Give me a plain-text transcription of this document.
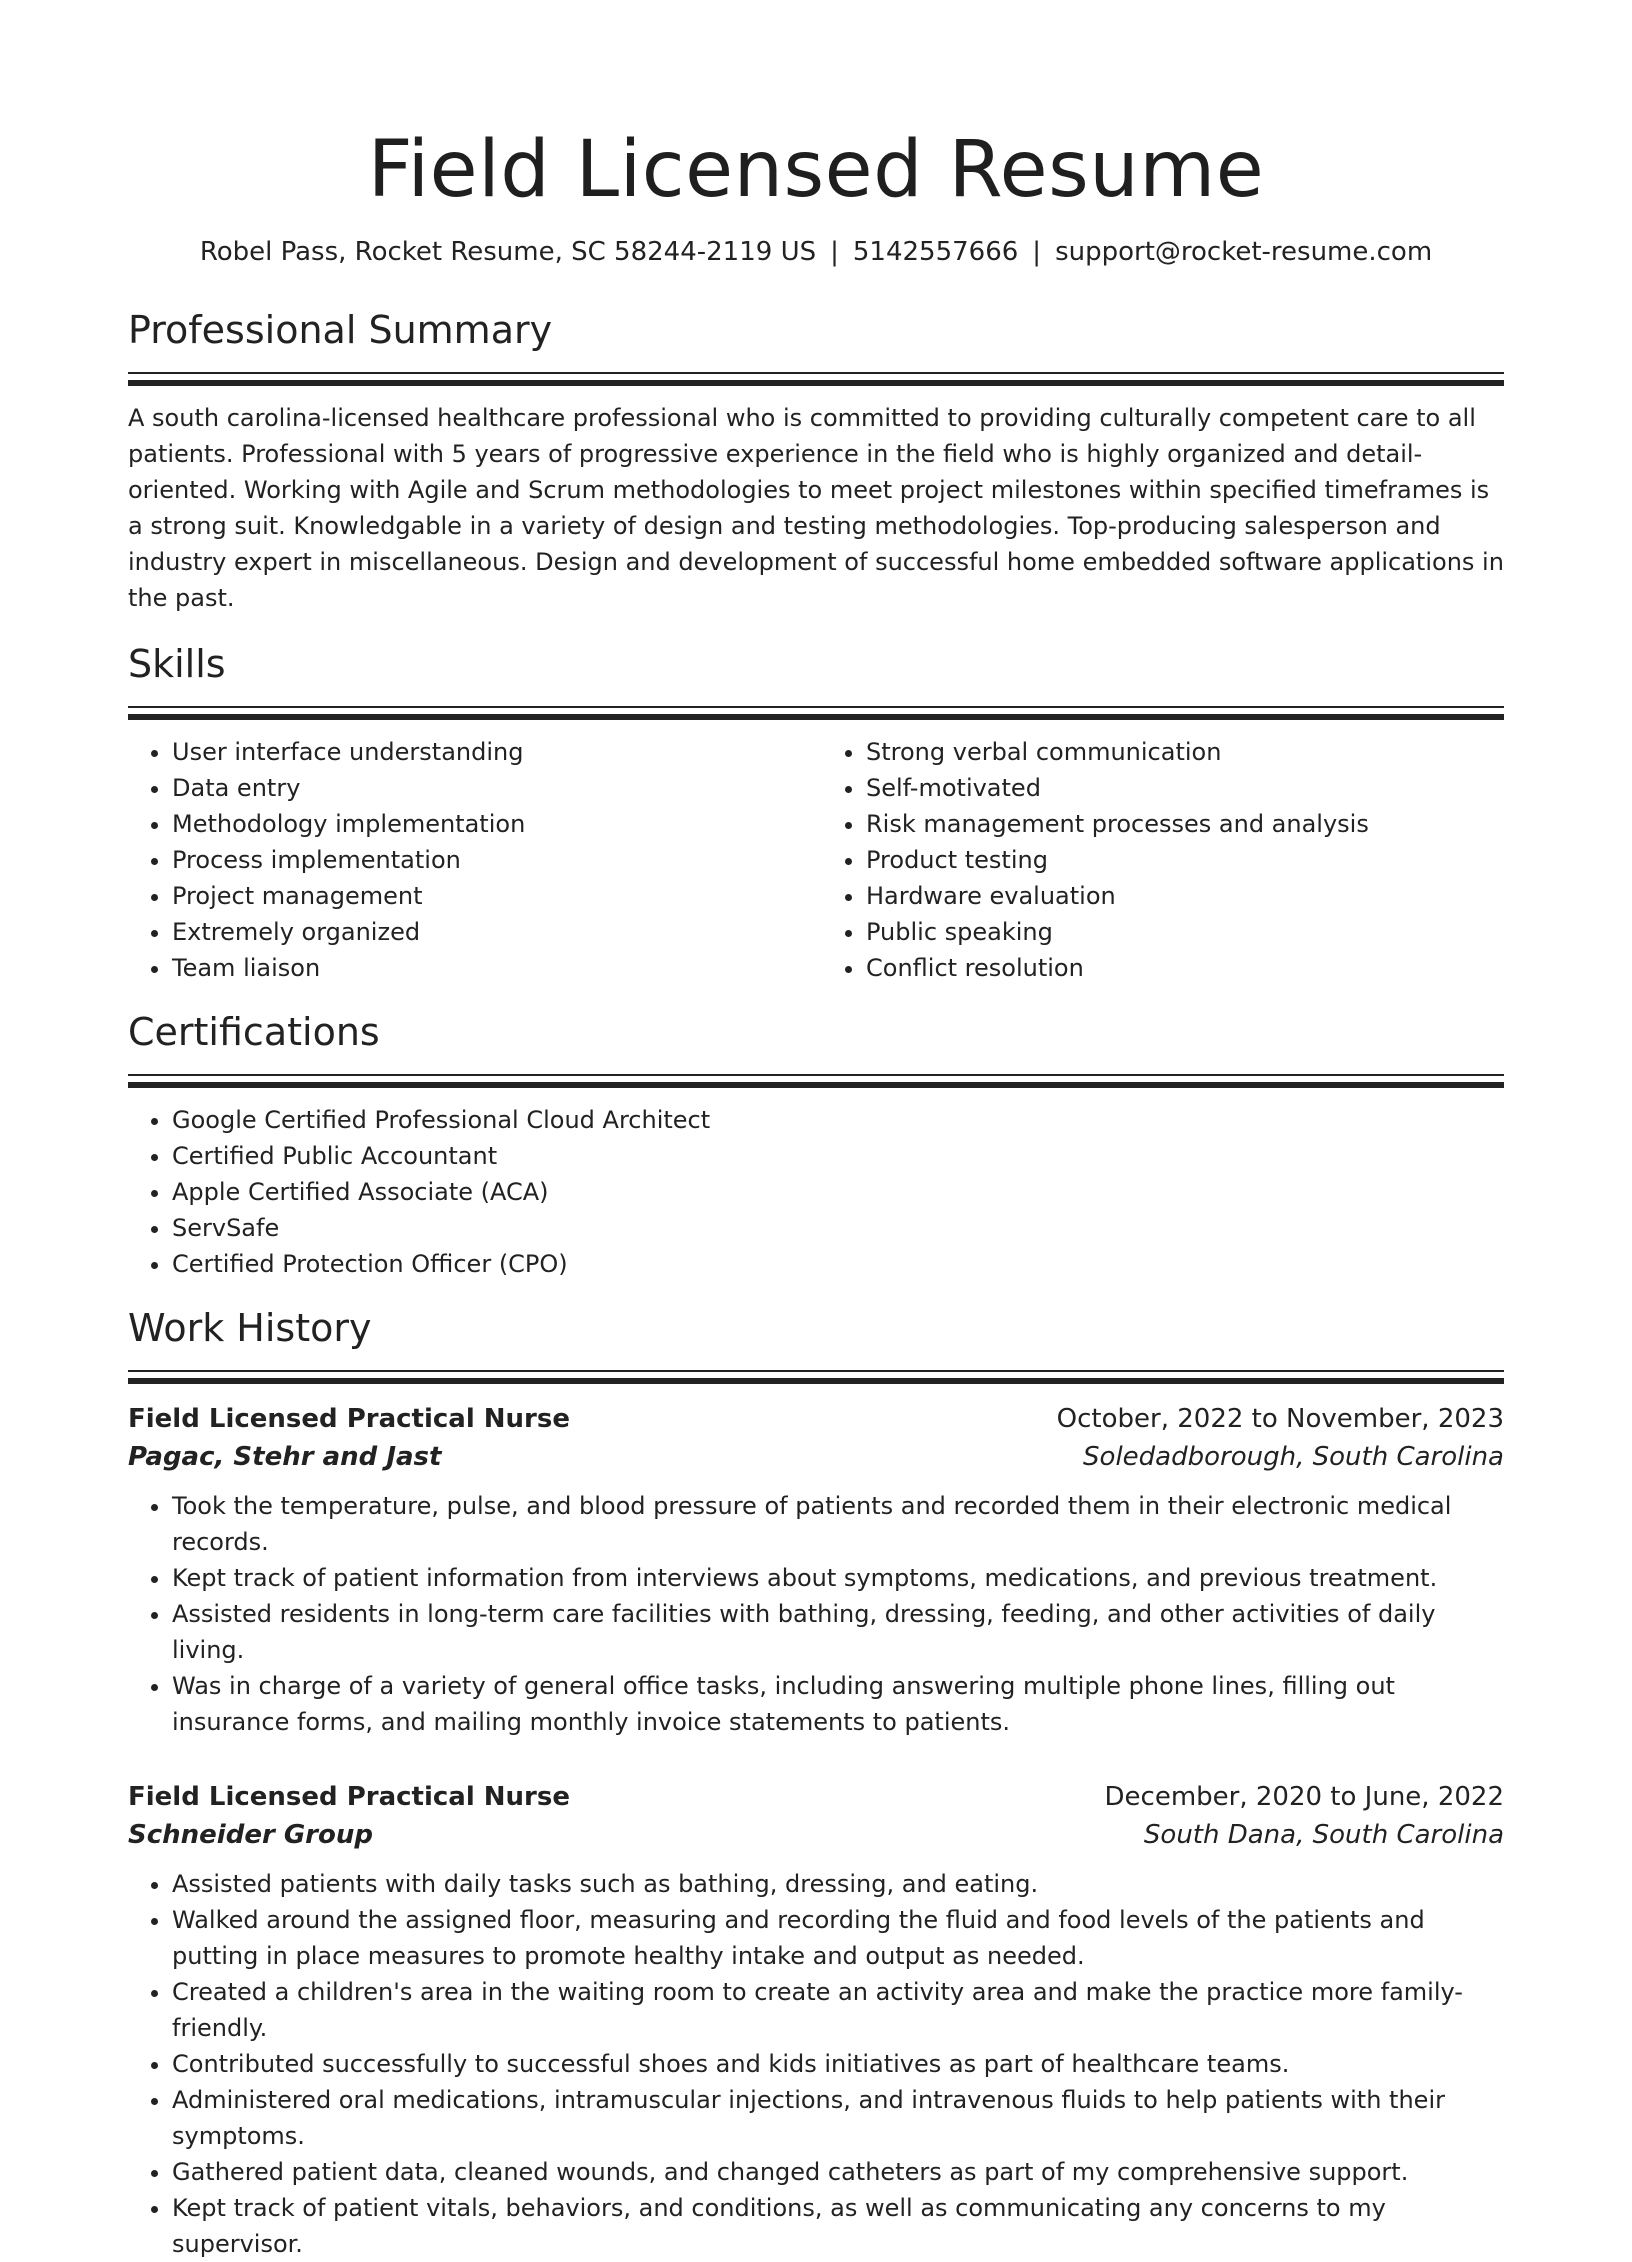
Field Licensed Resume
Robel Pass, Rocket Resume, SC 58244-2119 US | 5142557666 | support@rocket-resume.com
Professional Summary

A south carolina-licensed healthcare professional who is committed to providing culturally competent care to all patients. Professional with 5 years of progressive experience in the field who is highly organized and detail-oriented. Working with Agile and Scrum methodologies to meet project milestones within specified timeframes is a strong suit. Knowledgable in a variety of design and testing methodologies. Top-producing salesperson and industry expert in miscellaneous. Design and development of successful home embedded software applications in the past.

Skills
• User interface understanding
• Data entry
• Methodology implementation
• Process implementation
• Project management
• Extremely organized
• Team liaison
• Strong verbal communication
• Self-motivated
• Risk management processes and analysis
• Product testing
• Hardware evaluation
• Public speaking
• Conflict resolution
Certifications
• Google Certified Professional Cloud Architect
• Certified Public Accountant
• Apple Certified Associate (ACA)
• ServSafe
• Certified Protection Officer (CPO)
Work History
Field Licensed Practical Nurse	October, 2022 to November, 2023
Pagac, Stehr and Jast	Soledadborough, South Carolina
• Took the temperature, pulse, and blood pressure of patients and recorded them in their electronic medical records.
• Kept track of patient information from interviews about symptoms, medications, and previous treatment.
• Assisted residents in long-term care facilities with bathing, dressing, feeding, and other activities of daily living.
• Was in charge of a variety of general office tasks, including answering multiple phone lines, filling out insurance forms, and mailing monthly invoice statements to patients.
Field Licensed Practical Nurse	December, 2020 to June, 2022
Schneider Group	South Dana, South Carolina
• Assisted patients with daily tasks such as bathing, dressing, and eating.
• Walked around the assigned floor, measuring and recording the fluid and food levels of the patients and putting in place measures to promote healthy intake and output as needed.
• Created a children's area in the waiting room to create an activity area and make the practice more family-friendly.
• Contributed successfully to successful shoes and kids initiatives as part of healthcare teams.
• Administered oral medications, intramuscular injections, and intravenous fluids to help patients with their symptoms.
• Gathered patient data, cleaned wounds, and changed catheters as part of my comprehensive support.
• Kept track of patient vitals, behaviors, and conditions, as well as communicating any concerns to my supervisor.
